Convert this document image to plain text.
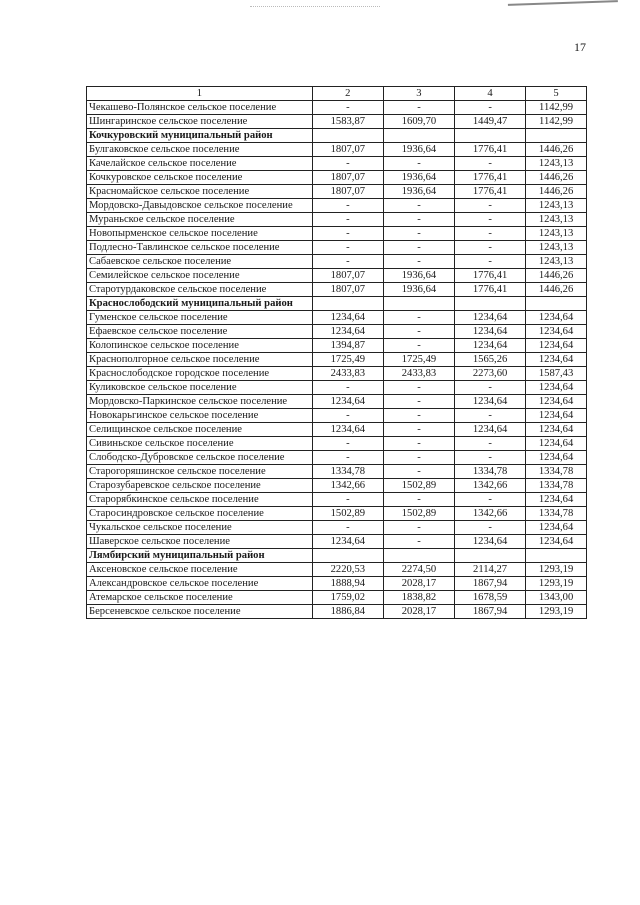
17
1	2	3	4	5
Чекашево-Полянское сельское поселение	-	-	-	1142,99
Шингаринское сельское поселение	1583,87	1609,70	1449,47	1142,99
Кочкуровский муниципальный район				
Булгаковское сельское поселение	1807,07	1936,64	1776,41	1446,26
Качелайское сельское поселение	-	-	-	1243,13
Кочкуровское сельское поселение	1807,07	1936,64	1776,41	1446,26
Красномайское сельское поселение	1807,07	1936,64	1776,41	1446,26
Мордовско-Давыдовское сельское поселение	-	-	-	1243,13
Мураньское сельское поселение	-	-	-	1243,13
Новопырменское сельское поселение	-	-	-	1243,13
Подлесно-Тавлинское сельское поселение	-	-	-	1243,13
Сабаевское сельское поселение	-	-	-	1243,13
Семилейское сельское поселение	1807,07	1936,64	1776,41	1446,26
Старотурдаковское сельское поселение	1807,07	1936,64	1776,41	1446,26
Краснослободский муниципальный район				
Гуменское сельское поселение	1234,64	-	1234,64	1234,64
Ефаевское сельское поселение	1234,64	-	1234,64	1234,64
Колопинское сельское поселение	1394,87	-	1234,64	1234,64
Краснополгорное сельское поселение	1725,49	1725,49	1565,26	1234,64
Краснослободское городское поселение	2433,83	2433,83	2273,60	1587,43
Куликовское сельское поселение	-	-	-	1234,64
Мордовско-Паркинское сельское поселение	1234,64	-	1234,64	1234,64
Новокарьгинское сельское поселение	-	-	-	1234,64
Селищинское сельское поселение	1234,64	-	1234,64	1234,64
Сивиньское сельское поселение	-	-	-	1234,64
Слободско-Дубровское сельское поселение	-	-	-	1234,64
Старогоряшинское сельское поселение	1334,78	-	1334,78	1334,78
Старозубаревское сельское поселение	1342,66	1502,89	1342,66	1334,78
Старорябкинское сельское поселение	-	-	-	1234,64
Старосиндровское сельское поселение	1502,89	1502,89	1342,66	1334,78
Чукальское сельское поселение	-	-	-	1234,64
Шаверское сельское поселение	1234,64	-	1234,64	1234,64
Лямбирский муниципальный район				
Аксеновское сельское поселение	2220,53	2274,50	2114,27	1293,19
Александровское сельское поселение	1888,94	2028,17	1867,94	1293,19
Атемарское сельское поселение	1759,02	1838,82	1678,59	1343,00
Берсеневское сельское поселение	1886,84	2028,17	1867,94	1293,19
